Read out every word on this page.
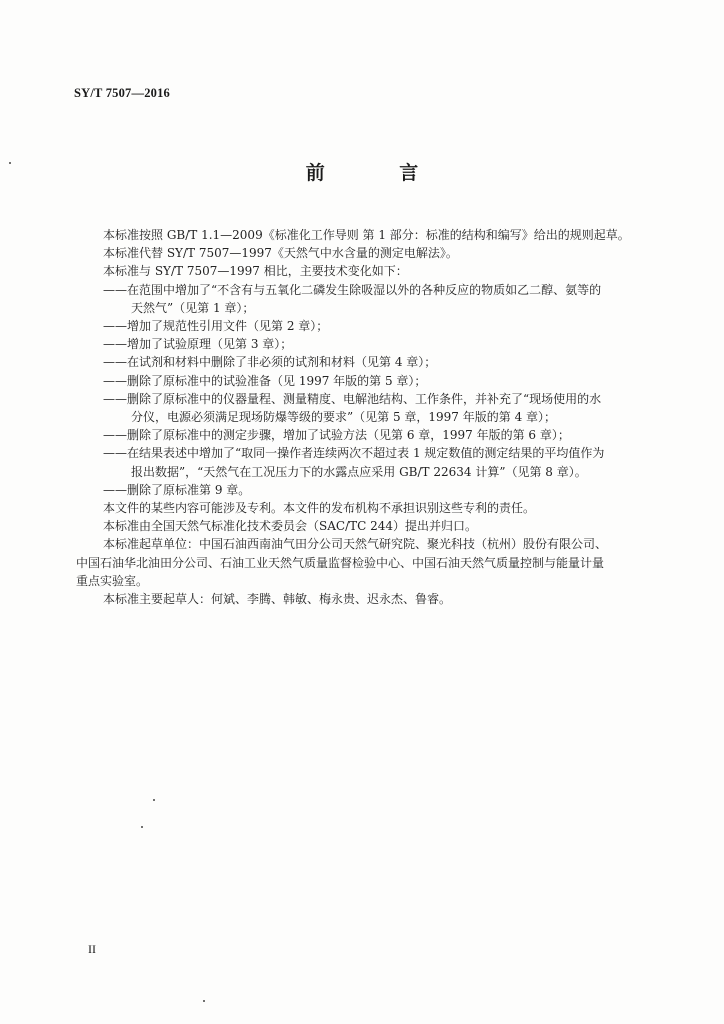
SY/T 7507—2016
前 言

本标准按照 GB/T 1.1—2009《标准化工作导则 第 1 部分：标准的结构和编写》给出的规则起草。

本标准代替 SY/T 7507—1997《天然气中水含量的测定电解法》。

本标准与 SY/T 7507—1997 相比，主要技术变化如下：

——在范围中增加了“不含有与五氧化二磷发生除吸湿以外的各种反应的物质如乙二醇、氨等的

天然气”（见第 1 章）；

——增加了规范性引用文件（见第 2 章）；

——增加了试验原理（见第 3 章）；

——在试剂和材料中删除了非必须的试剂和材料（见第 4 章）；

——删除了原标准中的试验准备（见 1997 年版的第 5 章）；

——删除了原标准中的仪器量程、测量精度、电解池结构、工作条件，并补充了“现场使用的水

分仪，电源必须满足现场防爆等级的要求”（见第 5 章，1997 年版的第 4 章）；

——删除了原标准中的测定步骤，增加了试验方法（见第 6 章，1997 年版的第 6 章）；

——在结果表述中增加了“取同一操作者连续两次不超过表 1 规定数值的测定结果的平均值作为

报出数据”，“天然气在工况压力下的水露点应采用 GB/T 22634 计算”（见第 8 章）。

——删除了原标准第 9 章。

本文件的某些内容可能涉及专利。本文件的发布机构不承担识别这些专利的责任。

本标准由全国天然气标准化技术委员会（SAC/TC 244）提出并归口。

本标准起草单位：中国石油西南油气田分公司天然气研究院、聚光科技（杭州）股份有限公司、

中国石油华北油田分公司、石油工业天然气质量监督检验中心、中国石油天然气质量控制与能量计量

重点实验室。

本标准主要起草人：何斌、李腾、韩敏、梅永贵、迟永杰、鲁睿。

II
